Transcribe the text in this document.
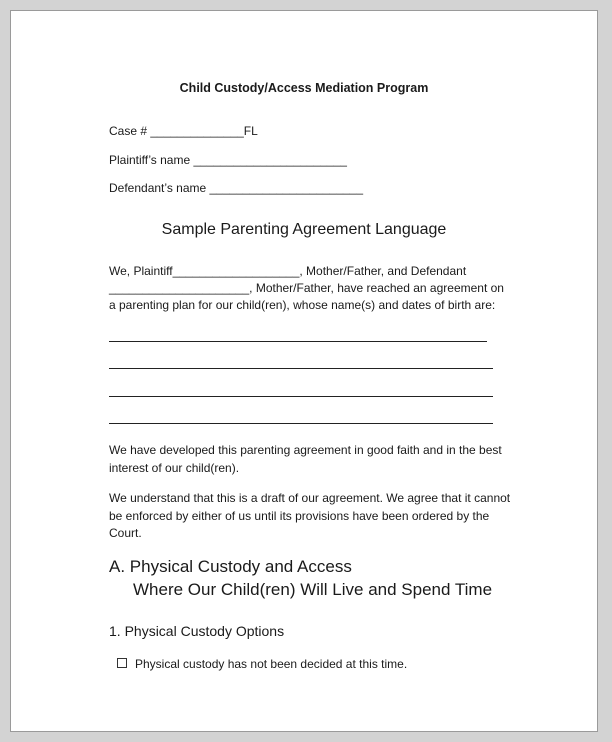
Child Custody/Access Mediation Program
Case # ______________FL
Plaintiff’s name _______________________
Defendant’s name _______________________
Sample Parenting Agreement Language
We, Plaintiff___________________, Mother/Father, and Defendant
_____________________, Mother/Father, have reached an agreement on
a parenting plan for our child(ren), whose name(s) and dates of birth are:
We have developed this parenting agreement in good faith and in the best interest of our child(ren).
We understand that this is a draft of our agreement. We agree that it cannot be enforced by either of us until its provisions have been ordered by the Court.
A. Physical Custody and Access
Where Our Child(ren) Will Live and Spend Time
1. Physical Custody Options
Physical custody has not been decided at this time.
